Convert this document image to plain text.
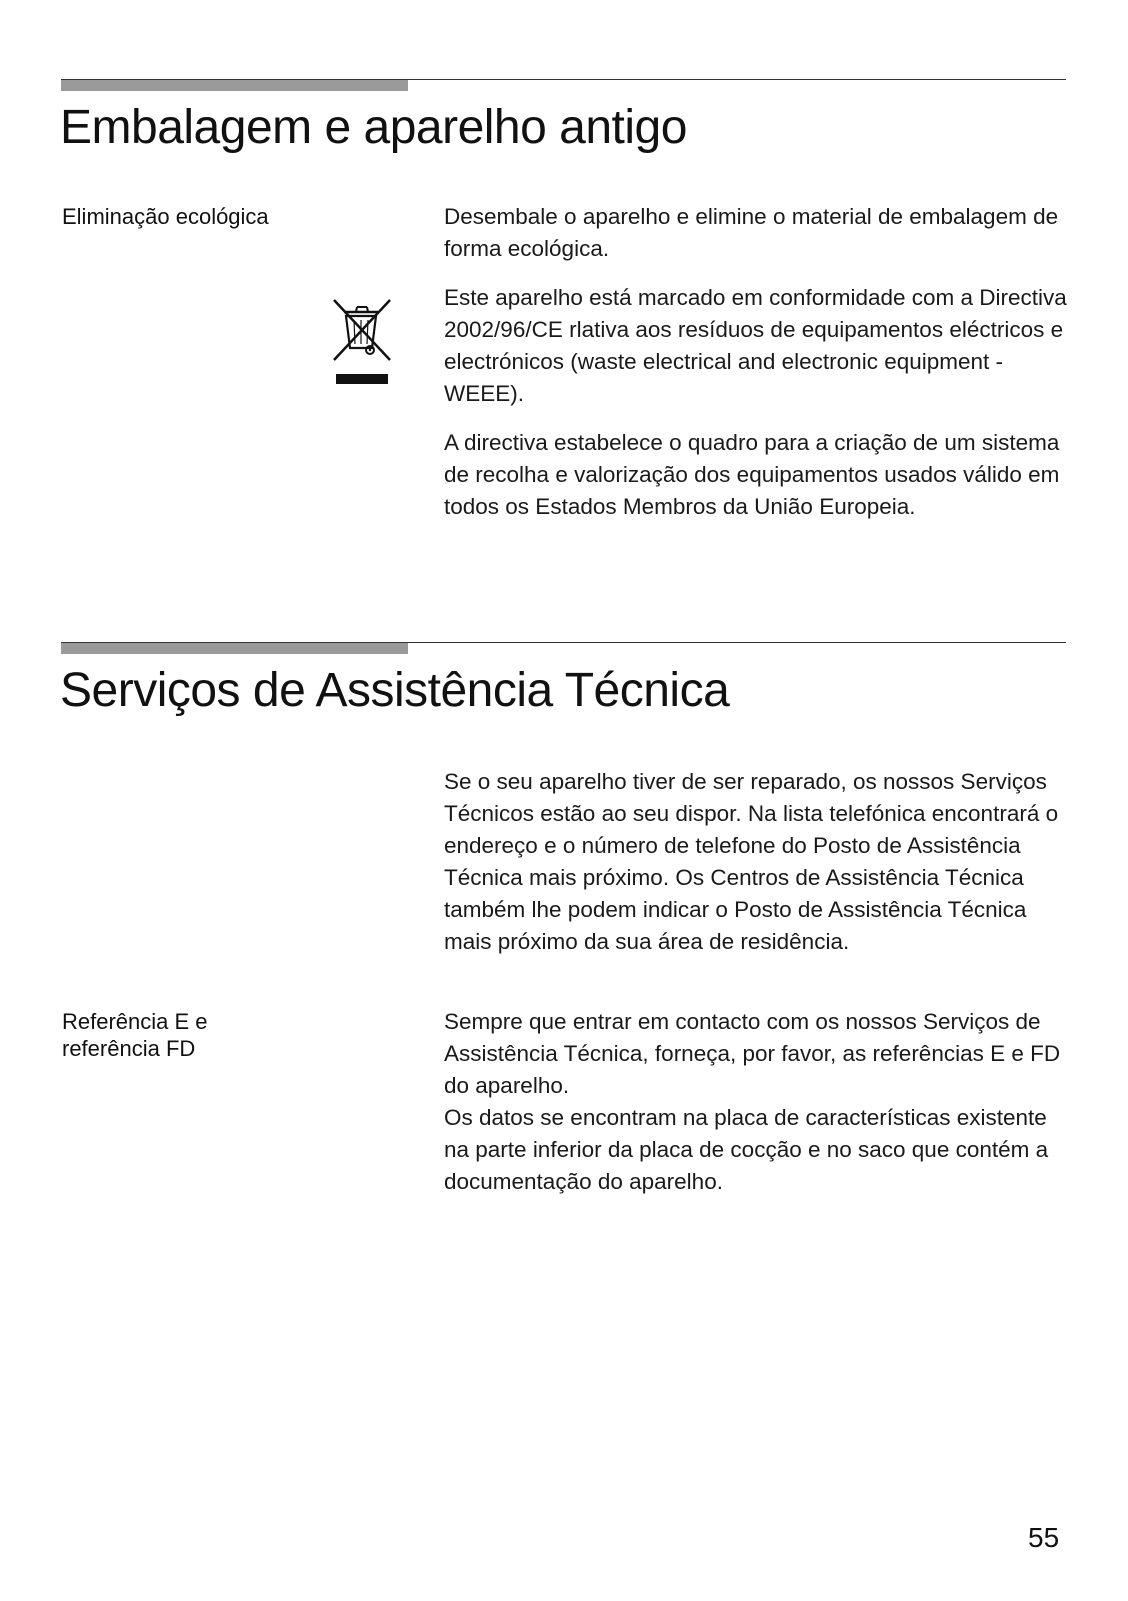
Embalagem e aparelho antigo

Eliminação ecológica	Desembale o aparelho e elimine o material de embalagem de forma ecológica.

Este aparelho está marcado em conformidade com a Directiva 2002/96/CE rlativa aos resíduos de equipamentos eléctricos e electrónicos (waste electrical and electronic equipment - WEEE).

A directiva estabelece o quadro para a criação de um sistema de recolha e valorização dos equipamentos usados válido em todos os Estados Membros da União Europeia.

Serviços de Assistência Técnica

Se o seu aparelho tiver de ser reparado, os nossos Serviços Técnicos estão ao seu dispor. Na lista telefónica encontrará o endereço e o número de telefone do Posto de Assistência Técnica mais próximo. Os Centros de Assistência Técnica também lhe podem indicar o Posto de Assistência Técnica mais próximo da sua área de residência.

Referência E e
referência FD

Sempre que entrar em contacto com os nossos Serviços de Assistência Técnica, forneça, por favor, as referências E e FD do aparelho.

Os datos se encontram na placa de características existente na parte inferior da placa de cocção e no saco que contém a documentação do aparelho.

55
